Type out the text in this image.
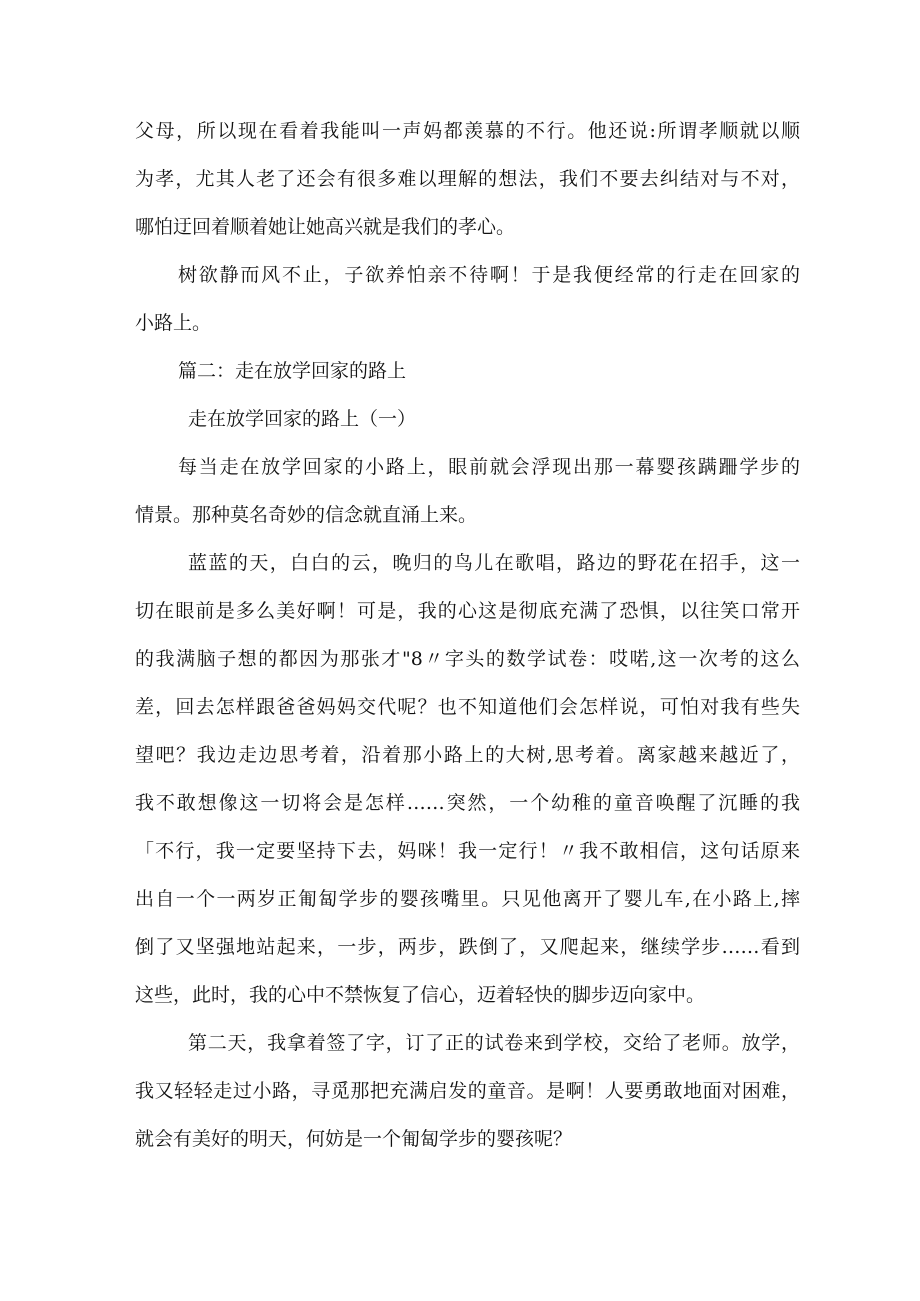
父母，所以现在看着我能叫一声妈都羡慕的不行。他还说:所谓孝顺就以顺
为孝，尤其人老了还会有很多难以理解的想法，我们不要去纠结对与不对，
哪怕迂回着顺着她让她高兴就是我们的孝心。
树欲静而风不止，子欲养怕亲不待啊！于是我便经常的行走在回家的
小路上。
篇二：走在放学回家的路上
走在放学回家的路上（一）
每当走在放学回家的小路上，眼前就会浮现出那一幕婴孩蹒跚学步的
情景。那种莫名奇妙的信念就直涌上来。
蓝蓝的天，白白的云，晚归的鸟儿在歌唱，路边的野花在招手，这一
切在眼前是多么美好啊！可是，我的心这是彻底充满了恐惧，以往笑口常开
的我满脑子想的都因为那张才"8〃字头的数学试卷：哎喏,这一次考的这么
差，回去怎样跟爸爸妈妈交代呢？也不知道他们会怎样说，可怕对我有些失
望吧？我边走边思考着，沿着那小路上的大树,思考着。离家越来越近了，
我不敢想像这一切将会是怎样……突然，一个幼稚的童音唤醒了沉睡的我
「不行，我一定要坚持下去，妈咪！我一定行！〃我不敢相信，这句话原来
出自一个一两岁正匍匐学步的婴孩嘴里。只见他离开了婴儿车,在小路上,摔
倒了又坚强地站起来，一步，两步，跌倒了，又爬起来，继续学步……看到
这些，此时，我的心中不禁恢复了信心，迈着轻快的脚步迈向家中。
第二天，我拿着签了字，订了正的试卷来到学校，交给了老师。放学，
我又轻轻走过小路，寻觅那把充满启发的童音。是啊！人要勇敢地面对困难，
就会有美好的明天，何妨是一个匍匐学步的婴孩呢？
